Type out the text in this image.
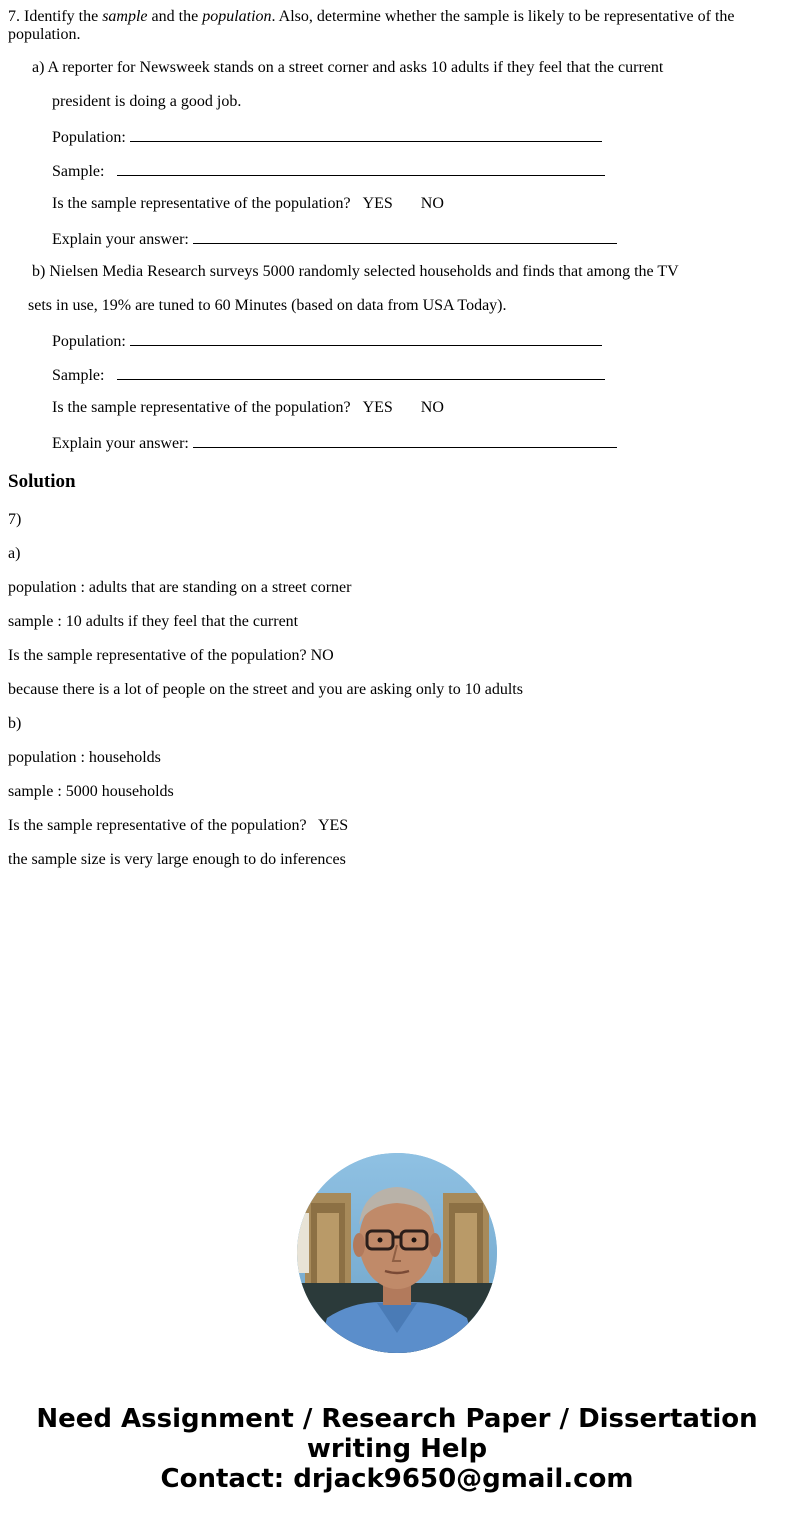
7. Identify the sample and the population. Also, determine whether the sample is likely to be representative of the population.
a) A reporter for Newsweek stands on a street corner and asks 10 adults if they feel that the current
president is doing a good job.
Population:
Sample:
Is the sample representative of the population? YES NO
Explain your answer:
b) Nielsen Media Research surveys 5000 randomly selected households and finds that among the TV
sets in use, 19% are tuned to 60 Minutes (based on data from USA Today).
Population:
Sample:
Is the sample representative of the population? YES NO
Explain your answer:
Solution
7)
a)
population : adults that are standing on a street corner
sample : 10 adults if they feel that the current
Is the sample representative of the population? NO
because there is a lot of people on the street and you are asking only to 10 adults
b)
population : households
sample : 5000 households
Is the sample representative of the population?   YES
the sample size is very large enough to do inferences
Need Assignment / Research Paper / Dissertation
writing Help
Contact: drjack9650@gmail.com
